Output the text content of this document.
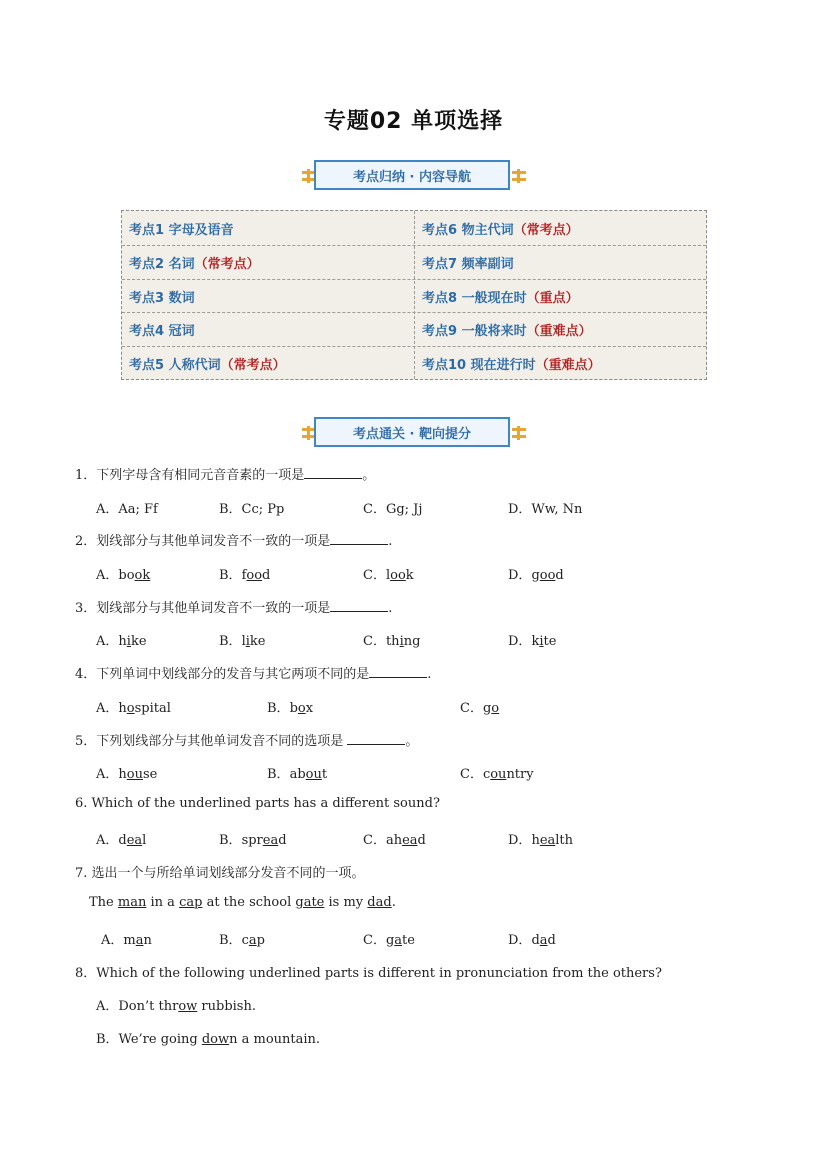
专题02 单项选择
考点归纳 · 内容导航
考点1 字母及语音	考点6 物主代词 （常考点）
考点2 名词 （常考点）	考点7 频率副词
考点3 数词	考点8 一般现在时 （重点）
考点4 冠词	考点9 一般将来时 （重难点）
考点5 人称代词 （常考点）	考点10 现在进行时 （重难点）
考点通关 · 靶向提分
1．下列字母含有相同元音音素的一项是	。
A．Aa; Ff	B．Cc; Pp	C．Gg; Jj	D．Ww, Nn
2．划线部分与其他单词发音不一致的一项是	.
A．book	B．food	C．look	D．good
3．划线部分与其他单词发音不一致的一项是	.
A．hike	B．like	C．thing	D．kite
4．下列单词中划线部分的发音与其它两项不同的是	.
A．hospital	B．box	C．go
5．下列划线部分与其他单词发音不同的选项是	。
A．house	B．about	C．country
6. Which of the underlined parts has a different sound?
A．deal	B．spread	C．ahead	D．health
7. 选出一个与所给单词划线部分发音不同的一项。
The man in a cap at the school gate is my dad.
A．man	B．cap	C．gate	D．dad
8．Which of the following underlined parts is different in pronunciation from the others?
A．Don’t throw rubbish.
B．We’re going down a mountain.
